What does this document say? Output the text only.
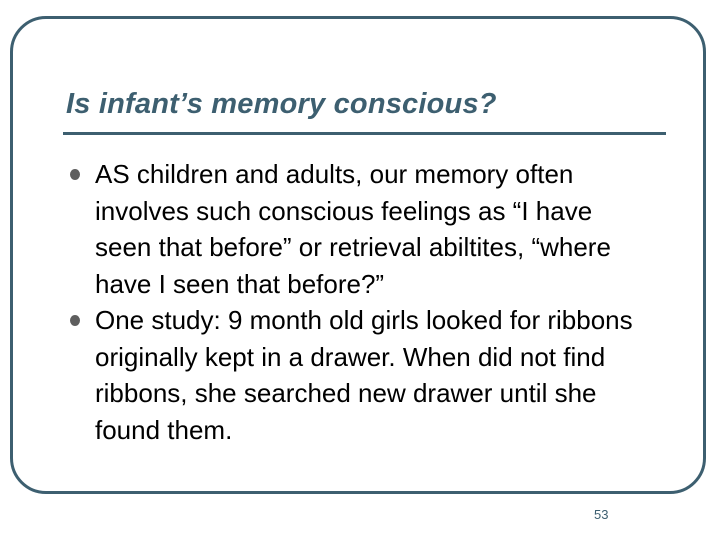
Is infant’s memory conscious?
AS children and adults, our memory often involves such conscious feelings as “I have seen that before” or retrieval abiltites, “where have I seen that before?”
One study: 9 month old girls looked for ribbons originally kept in a drawer. When did not find ribbons, she searched new drawer until she found them.
53
